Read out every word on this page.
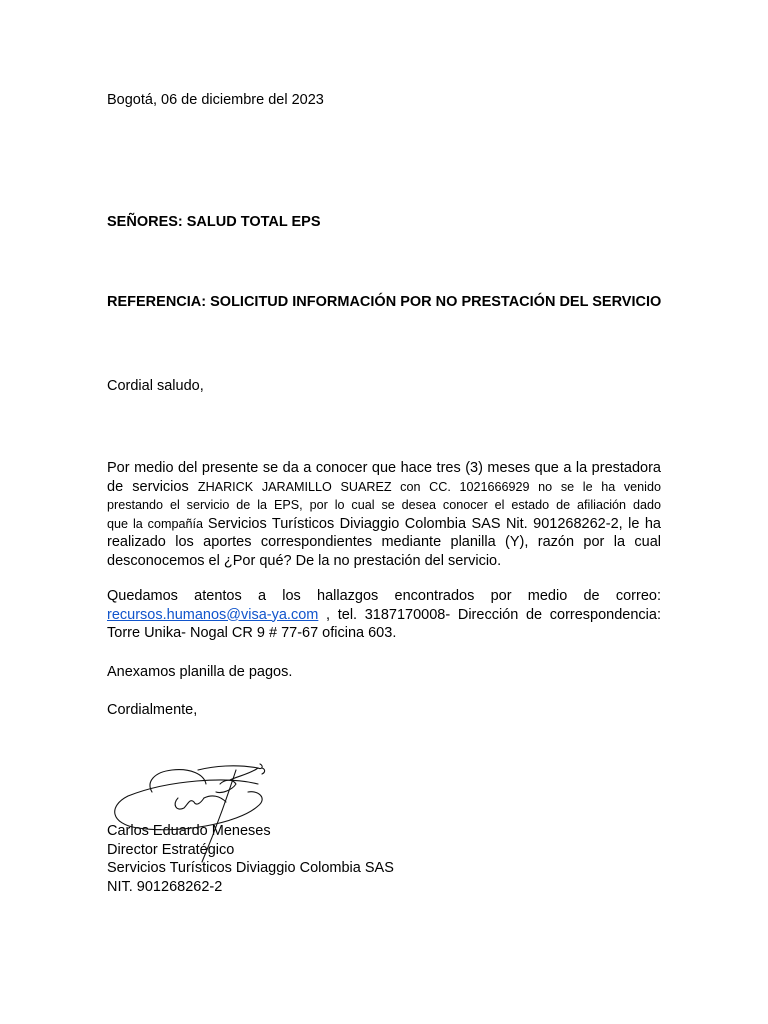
Bogotá, 06 de diciembre del 2023

SEÑORES: SALUD TOTAL EPS

REFERENCIA: SOLICITUD INFORMACIÓN POR NO PRESTACIÓN DEL SERVICIO

Cordial saludo,

Por medio del presente se da a conocer que hace tres (3) meses que a la prestadora
de servicios ZHARICK JARAMILLO SUAREZ con CC. 1021666929 no se le ha venido
prestando el servicio de la EPS, por lo cual se desea conocer el estado de afiliación dado
que la compañía Servicios Turísticos Diviaggio Colombia SAS Nit. 901268262-2, le ha
realizado los aportes correspondientes mediante planilla (Y), razón por la cual
desconocemos el ¿Por qué? De la no prestación del servicio.
Quedamos atentos a los hallazgos encontrados por medio de correo:
recursos.humanos@visa-ya.com , tel. 3187170008- Dirección de correspondencia:
Torre Unika- Nogal CR 9 # 77-67 oficina 603.

Anexamos planilla de pagos.

Cordialmente,

Carlos Eduardo Meneses
Director Estratégico
Servicios Turísticos Diviaggio Colombia SAS
NIT. 901268262-2
